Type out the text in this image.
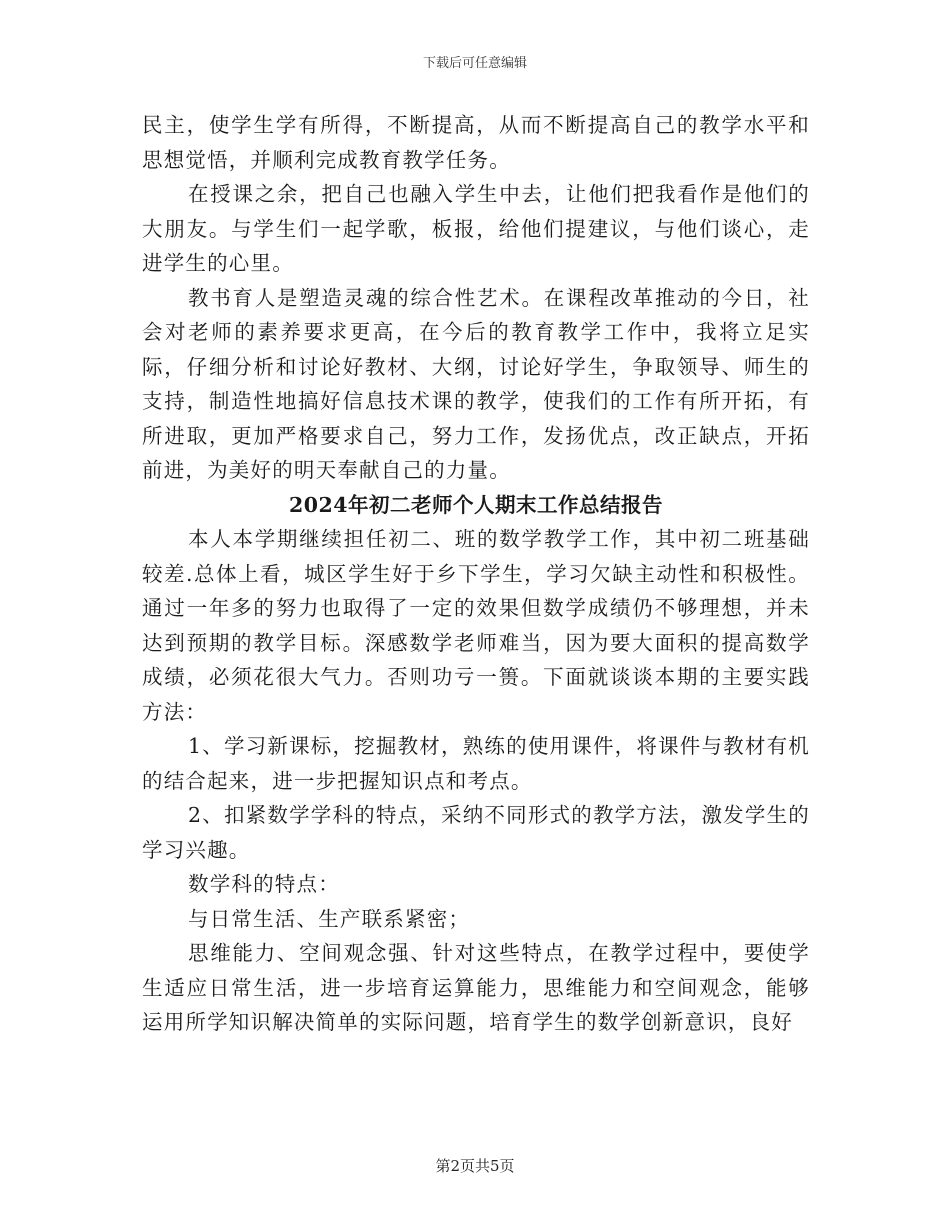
下载后可任意编辑

民主，使学生学有所得，不断提高，从而不断提高自己的教学水平和思想觉悟，并顺利完成教育教学任务。

在授课之余，把自己也融入学生中去，让他们把我看作是他们的大朋友。与学生们一起学歌，板报，给他们提建议，与他们谈心，走进学生的心里。

教书育人是塑造灵魂的综合性艺术。在课程改革推动的今日，社会对老师的素养要求更高，在今后的教育教学工作中，我将立足实际，仔细分析和讨论好教材、大纲，讨论好学生，争取领导、师生的支持，制造性地搞好信息技术课的教学，使我们的工作有所开拓，有所进取，更加严格要求自己，努力工作，发扬优点，改正缺点，开拓前进，为美好的明天奉献自己的力量。

2024年初二老师个人期末工作总结报告

本人本学期继续担任初二、班的数学教学工作，其中初二班基础较差.总体上看，城区学生好于乡下学生，学习欠缺主动性和积极性。通过一年多的努力也取得了一定的效果但数学成绩仍不够理想，并未达到预期的教学目标。深感数学老师难当，因为要大面积的提高数学成绩，必须花很大气力。否则功亏一篑。下面就谈谈本期的主要实践方法：

1、学习新课标，挖掘教材，熟练的使用课件，将课件与教材有机的结合起来，进一步把握知识点和考点。

2、扣紧数学学科的特点，采纳不同形式的教学方法，激发学生的学习兴趣。

数学科的特点：

与日常生活、生产联系紧密；

思维能力、空间观念强、针对这些特点，在教学过程中，要使学生适应日常生活，进一步培育运算能力，思维能力和空间观念，能够运用所学知识解决简单的实际问题，培育学生的数学创新意识，良好

第2页共5页
